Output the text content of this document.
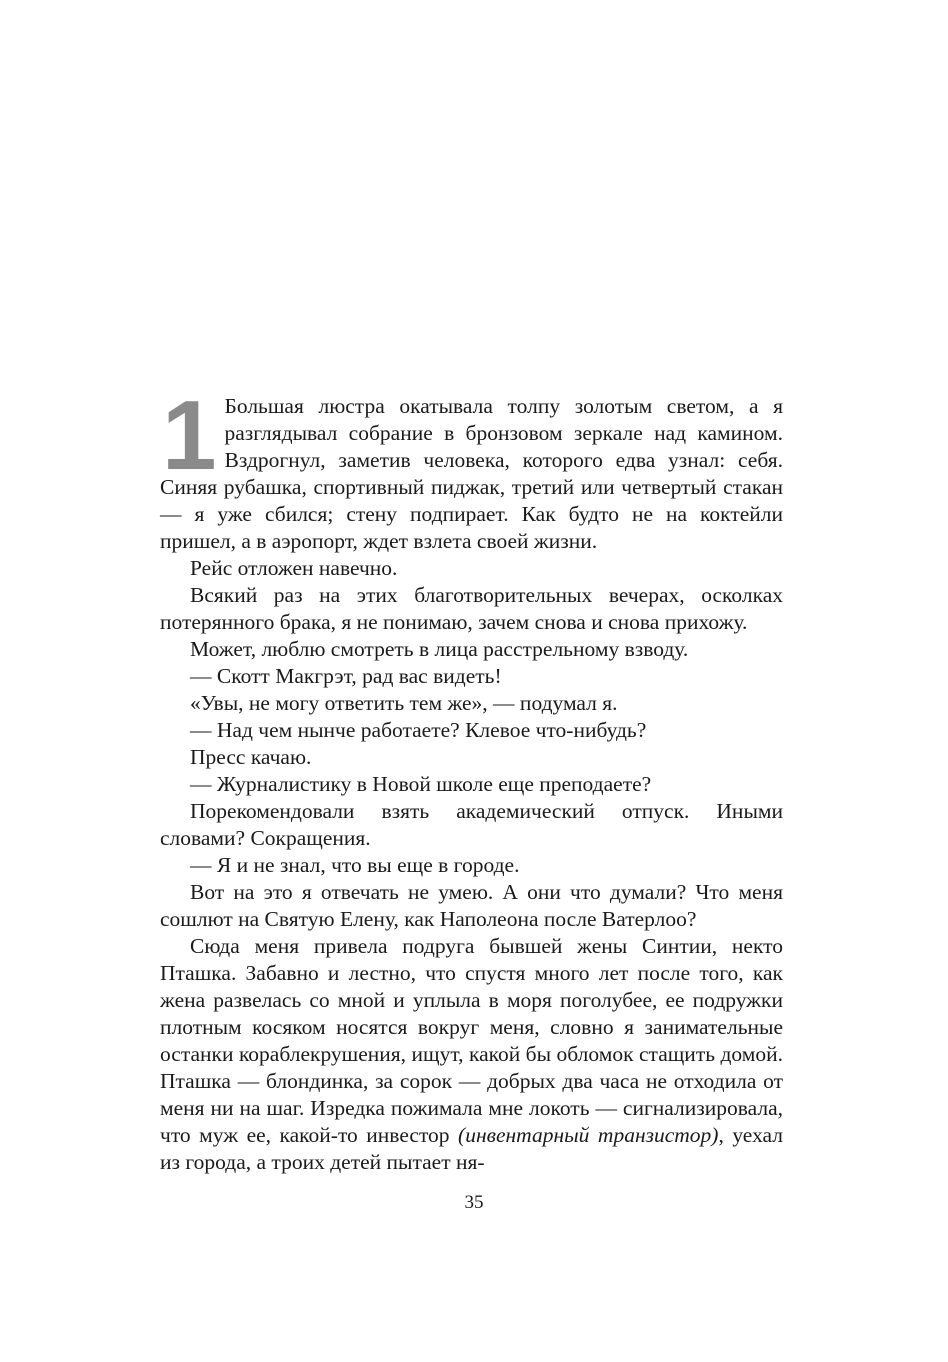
1 Большая люстра окатывала толпу золотым светом, а я разглядывал собрание в бронзовом зеркале над камином. Вздрогнул, заметив человека, которого едва узнал: себя. Синяя рубашка, спортивный пиджак, третий или четвертый стакан — я уже сбился; стену подпирает. Как будто не на коктейли пришел, а в аэропорт, ждет взлета своей жизни.

Рейс отложен навечно.

Всякий раз на этих благотворительных вечерах, осколках потерянного брака, я не понимаю, зачем снова и снова прихожу.

Может, люблю смотреть в лица расстрельному взводу.

— Скотт Макгрэт, рад вас видеть!

«Увы, не могу ответить тем же», — подумал я.

— Над чем нынче работаете? Клевое что-нибудь?

Пресс качаю.

— Журналистику в Новой школе еще преподаете?

Порекомендовали взять академический отпуск. Иными словами? Сокращения.

— Я и не знал, что вы еще в городе.

Вот на это я отвечать не умею. А они что думали? Что меня сошлют на Святую Елену, как Наполеона после Ватерлоо?

Сюда меня привела подруга бывшей жены Синтии, некто Пташка. Забавно и лестно, что спустя много лет после того, как жена развелась со мной и уплыла в моря поголубее, ее подружки плотным косяком носятся вокруг меня, словно я занимательные останки кораблекрушения, ищут, какой бы обломок стащить домой. Пташка — блондинка, за сорок — добрых два часа не отходила от меня ни на шаг. Изредка пожимала мне локоть — сигнализировала, что муж ее, какой-то инвестор (инвентарный транзистор), уехал из города, а троих детей пытает ня-

35
